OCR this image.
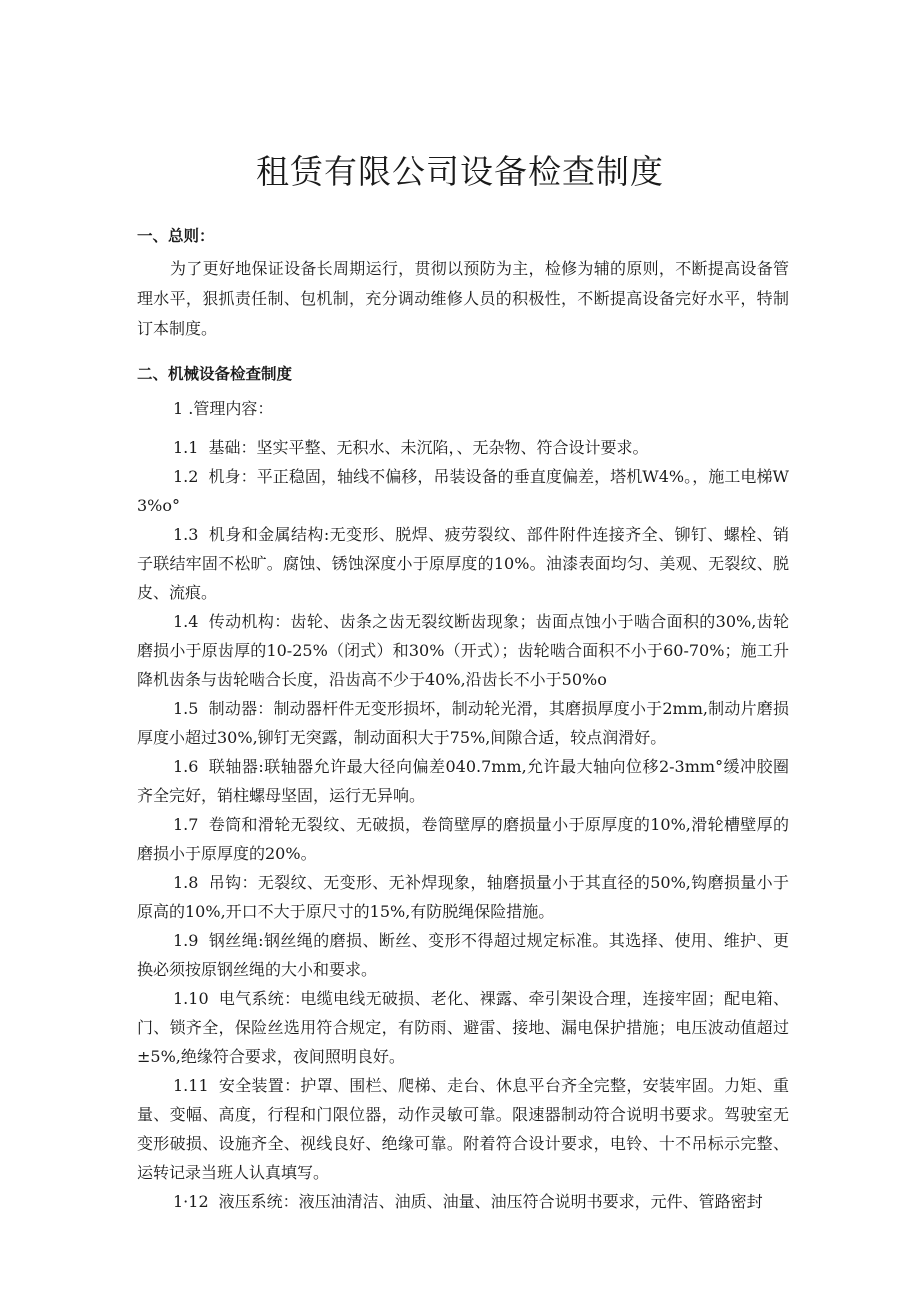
租赁有限公司设备检查制度
一、总则：

为了更好地保证设备长周期运行，贯彻以预防为主，检修为辅的原则，不断提高设备管理水平，狠抓责任制、包机制，充分调动维修人员的积极性，不断提高设备完好水平，特制订本制度。

二、机械设备检查制度

1 .管理内容：

1.1 基础：坚实平整、无积水、未沉陷，、无杂物、符合设计要求。

1.2 机身：平正稳固，轴线不偏移，吊装设备的垂直度偏差，塔机W4%。，施工电梯W3%o°

1.3 机身和金属结构:无变形、脱焊、疲劳裂纹、部件附件连接齐全、铆钉、螺栓、销子联结牢固不松旷。腐蚀、锈蚀深度小于原厚度的10%。油漆表面均匀、美观、无裂纹、脱皮、流痕。

1.4 传动机构：齿轮、齿条之齿无裂纹断齿现象；齿面点蚀小于啮合面积的30%,齿轮磨损小于原齿厚的10-25%（闭式）和30%（开式）；齿轮啮合面积不小于60-70%；施工升降机齿条与齿轮啮合长度，沿齿高不少于40%,沿齿长不小于50%o

1.5 制动器：制动器杆件无变形损坏，制动轮光滑，其磨损厚度小于2mm,制动片磨损厚度小超过30%,铆钉无突露，制动面积大于75%,间隙合适，较点润滑好。

1.6 联轴器:联轴器允许最大径向偏差040.7mm,允许最大轴向位移2-3mm°缓冲胶圈齐全完好，销柱螺母坚固，运行无异响。

1.7 卷筒和滑轮无裂纹、无破损，卷筒壁厚的磨损量小于原厚度的10%,滑轮槽壁厚的磨损小于原厚度的20%。

1.8 吊钩：无裂纹、无变形、无补焊现象，轴磨损量小于其直径的50%,钩磨损量小于原高的10%,开口不大于原尺寸的15%,有防脱绳保险措施。

1.9 钢丝绳:钢丝绳的磨损、断丝、变形不得超过规定标准。其选择、使用、维护、更换必须按原钢丝绳的大小和要求。

1.10 电气系统：电缆电线无破损、老化、裸露、牵引架设合理，连接牢固；配电箱、门、锁齐全，保险丝选用符合规定，有防雨、避雷、接地、漏电保护措施；电压波动值超过±5%,绝缘符合要求，夜间照明良好。

1.11 安全装置：护罩、围栏、爬梯、走台、休息平台齐全完整，安装牢固。力矩、重量、变幅、高度，行程和门限位器，动作灵敏可靠。限速器制动符合说明书要求。驾驶室无变形破损、设施齐全、视线良好、绝缘可靠。附着符合设计要求，电铃、十不吊标示完整、运转记录当班人认真填写。

1·12 液压系统：液压油清洁、油质、油量、油压符合说明书要求，元件、管路密封
